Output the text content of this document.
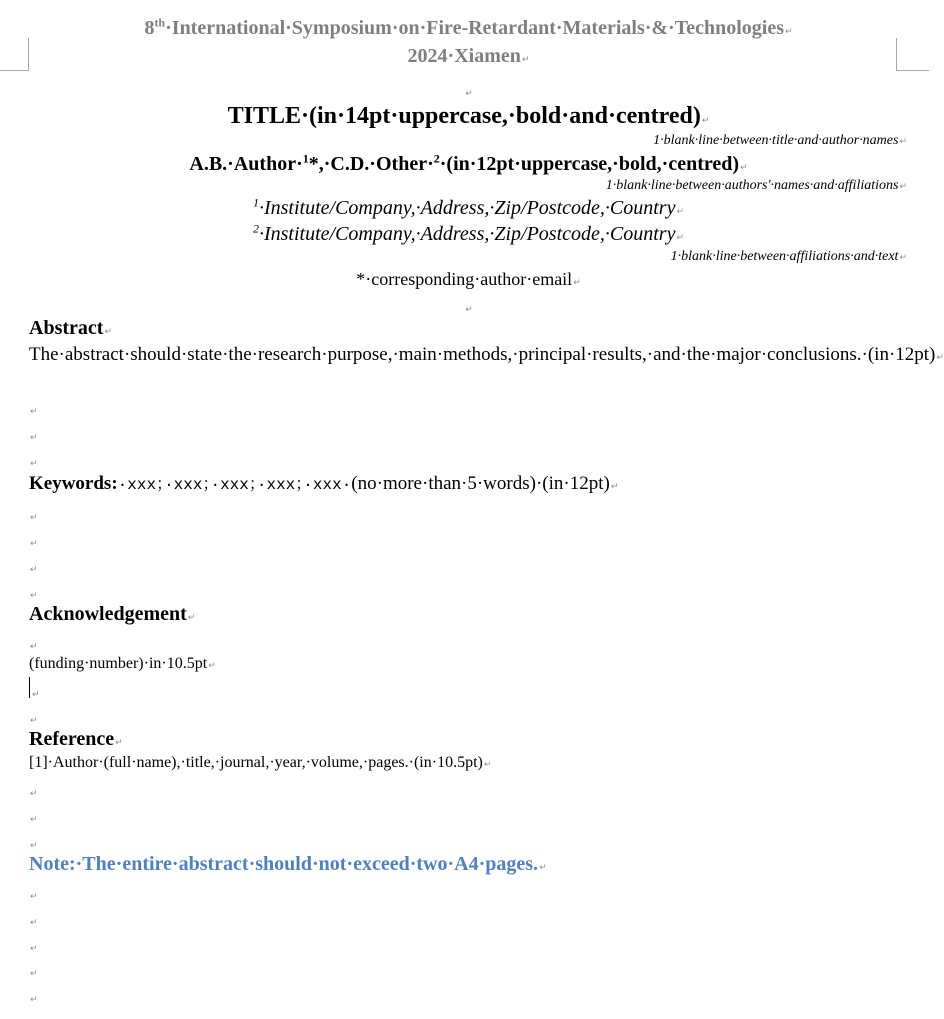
8th·International·Symposium·on·Fire-Retardant·Materials·&·Technologies↵
2024·Xiamen↵
↵
TITLE·(in·14pt·uppercase,·bold·and·centred)↵
1·blank·line·between·title·and·author·names↵
A.B.·Author·$^1$*,·C.D.·Other·$^2$·(in·12pt·uppercase,·bold,·centred)↵
1·blank·line·between·authors'·names·and·affiliations↵
$^1$·Institute/Company,·Address,·Zip/Postcode,·Country↵
$^2$·Institute/Company,·Address,·Zip/Postcode,·Country↵
1·blank·line·between·affiliations·and·text↵
*·corresponding·author·email↵
↵
Abstract↵
The·abstract·should·state·the·research·purpose,·main·methods,·principal·results,·and·the·major·conclusions.·(in·12pt)↵
↵
↵
↵
Keywords:·xxx；·xxx；·xxx；·xxx；·xxx·(no·more·than·5·words)·(in·12pt)↵
↵
↵
↵
↵
Acknowledgement↵
↵
(funding·number)·in·10.5pt↵
↵
↵
Reference↵
[1]·Author·(full·name),·title,·journal,·year,·volume,·pages.·(in·10.5pt)↵
↵
↵
↵
Note:·The·entire·abstract·should·not·exceed·two·A4·pages.↵
↵
↵
↵
↵
↵
